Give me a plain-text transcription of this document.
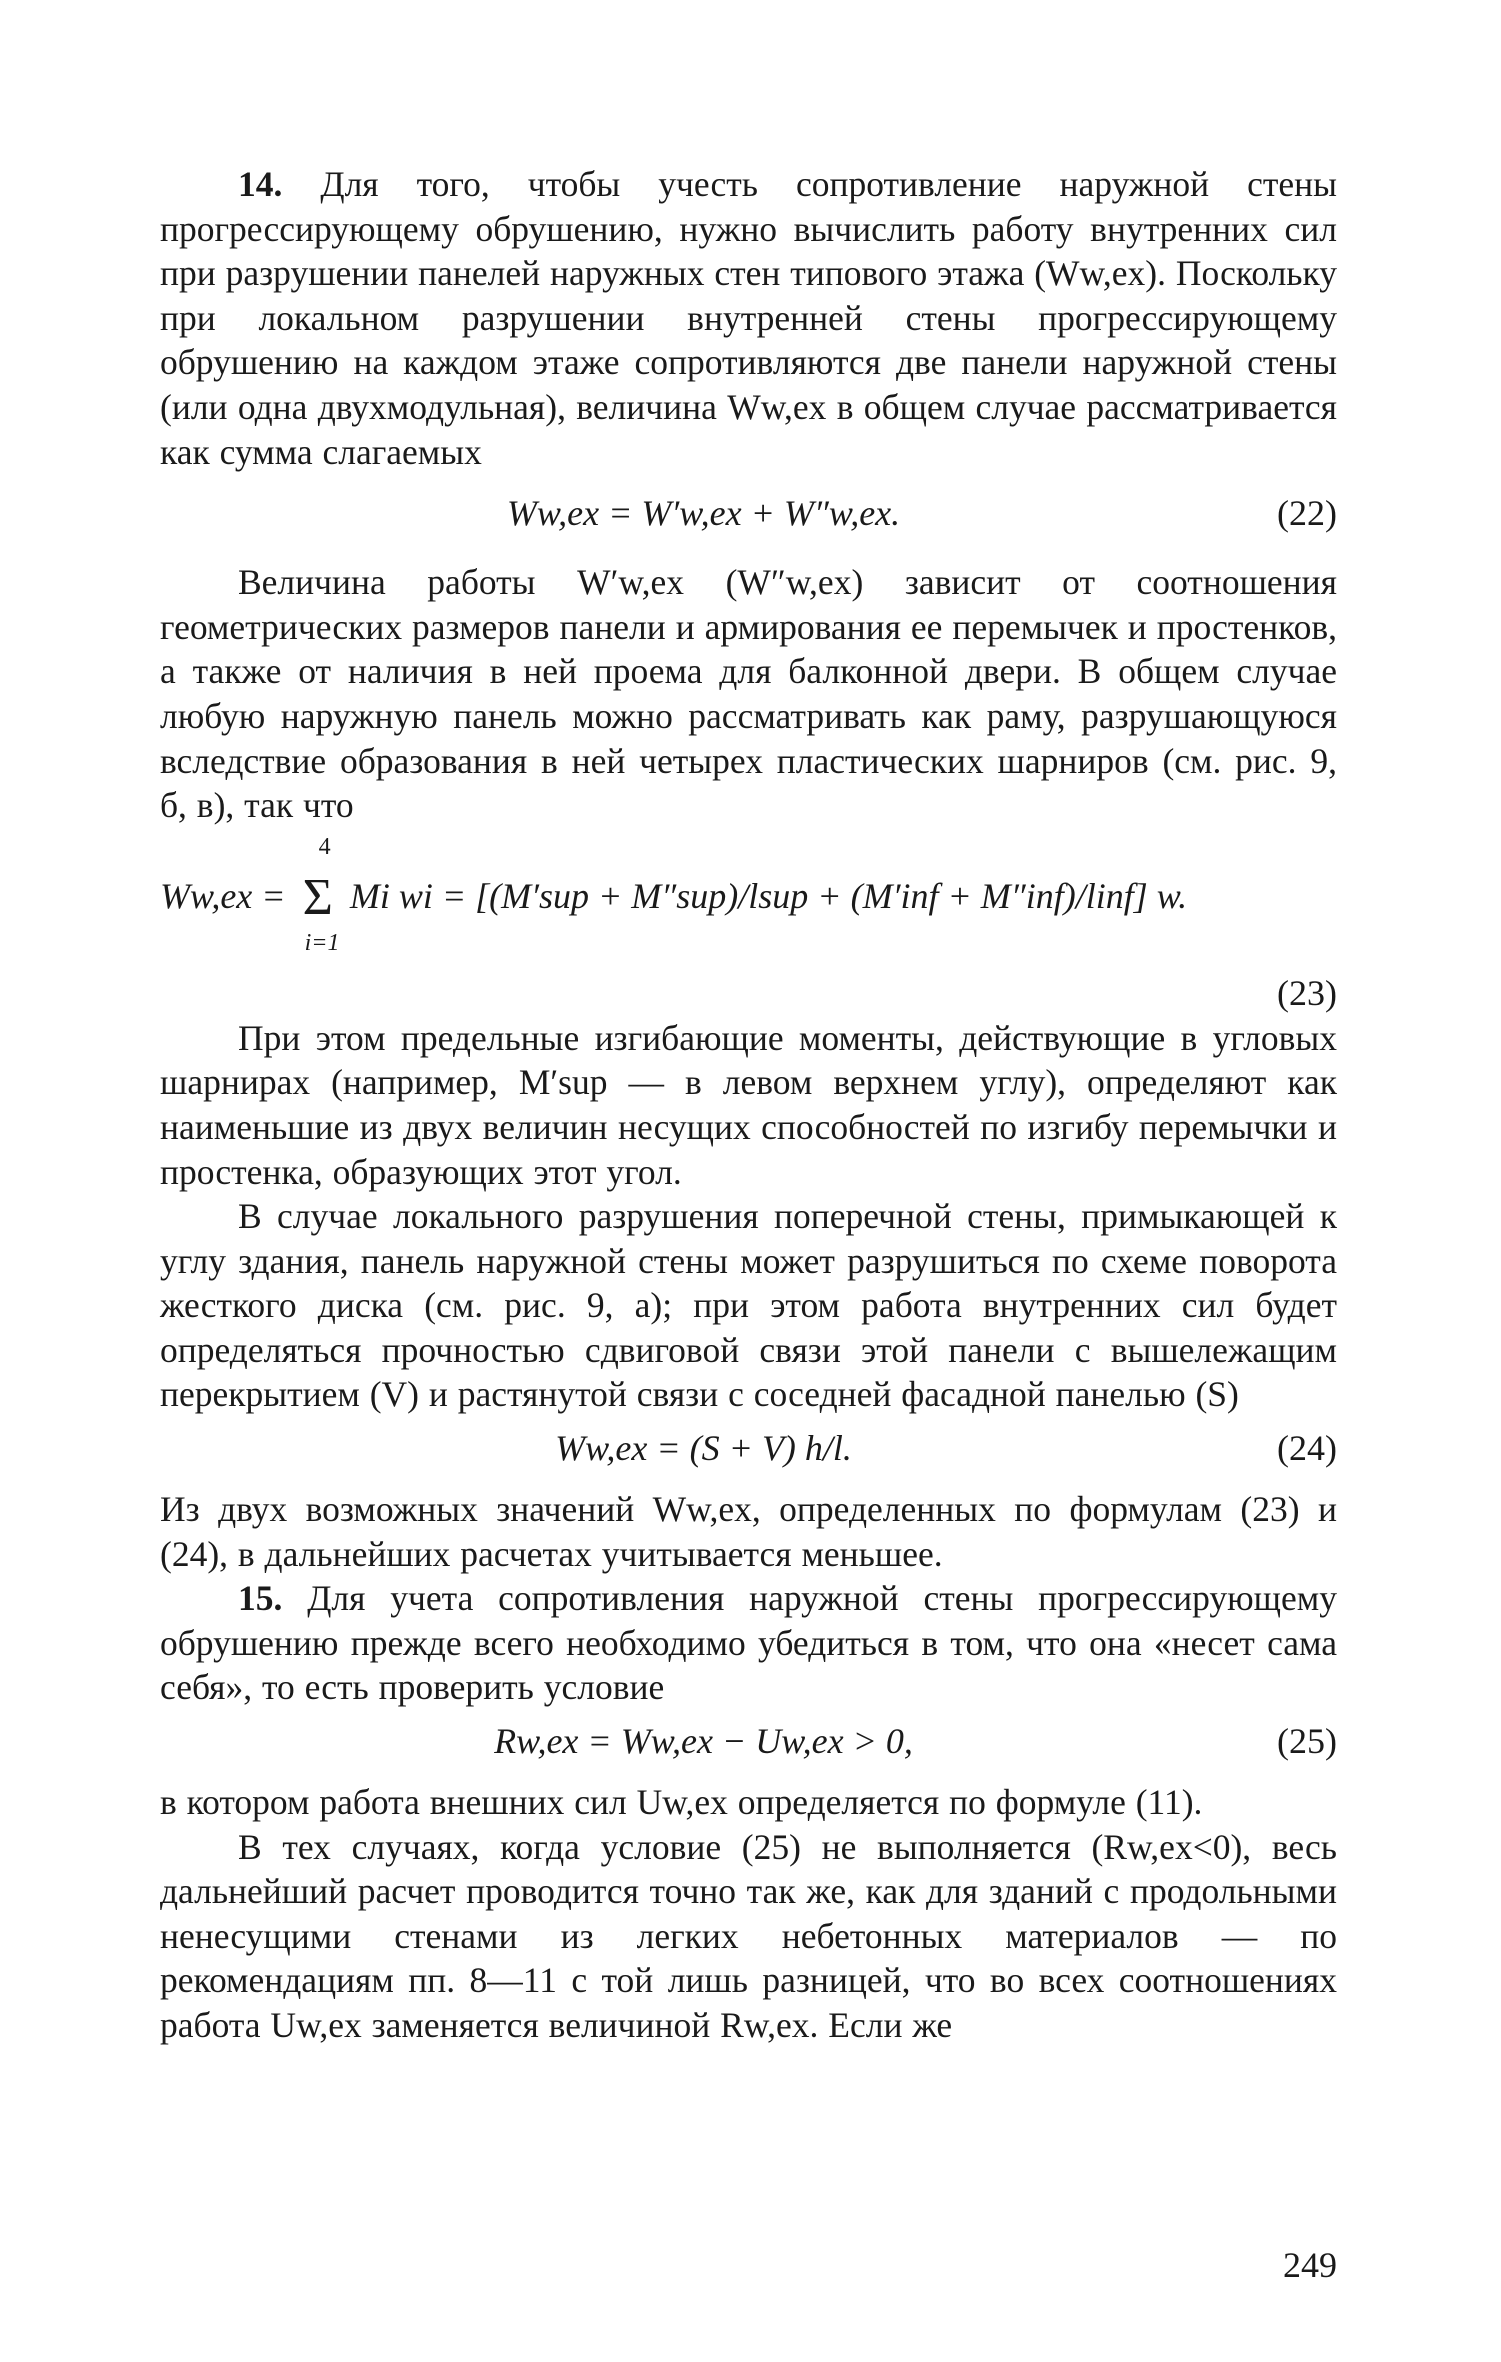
14. Для того, чтобы учесть сопротивление наружной стены прогрессирующему обрушению, нужно вычислить работу внутренних сил при разрушении панелей наружных стен типового этажа (Ww,ex). Поскольку при локальном разрушении внутренней стены прогрессирующему обрушению на каждом этаже сопротивляются две панели наружной стены (или одна двухмодульная), величина Ww,ex в общем случае рассматривается как сумма слагаемых

Ww,ex = W′w,ex + W″w,ex.	(22)

Величина работы W′w,ex (W″w,ex) зависит от соотношения геометрических размеров панели и армирования ее перемычек и простенков, а также от наличия в ней проема для балконной двери. В общем случае любую наружную панель можно рассматривать как раму, разрушающуюся вследствие образования в ней четырех пластических шарниров (см. рис. 9, б, в), так что

Ww,ex = Σ
4
i=1
Mi wi = [(M′sup + M″sup)/lsup + (M′inf + M″inf)/linf] w.
(23)

При этом предельные изгибающие моменты, действующие в угловых шарнирах (например, M′sup — в левом верхнем углу), определяют как наименьшие из двух величин несущих способностей по изгибу перемычки и простенка, образующих этот угол.

В случае локального разрушения поперечной стены, примыкающей к углу здания, панель наружной стены может разрушиться по схеме поворота жесткого диска (см. рис. 9, а); при этом работа внутренних сил будет определяться прочностью сдвиговой связи этой панели с вышележащим перекрытием (V) и растянутой связи с соседней фасадной панелью (S)

Ww,ex = (S + V) h/l.	(24)

Из двух возможных значений Ww,ex, определенных по формулам (23) и (24), в дальнейших расчетах учитывается меньшее.

15. Для учета сопротивления наружной стены прогрессирующему обрушению прежде всего необходимо убедиться в том, что она «несет сама себя», то есть проверить условие

Rw,ex = Ww,ex − Uw,ex > 0,	(25)

в котором работа внешних сил Uw,ex определяется по формуле (11).

В тех случаях, когда условие (25) не выполняется (Rw,ex<0), весь дальнейший расчет проводится точно так же, как для зданий с продольными ненесущими стенами из легких небетонных материалов — по рекомендациям пп. 8—11 с той лишь разницей, что во всех соотношениях работа Uw,ex заменяется величиной Rw,ex. Если же

249
